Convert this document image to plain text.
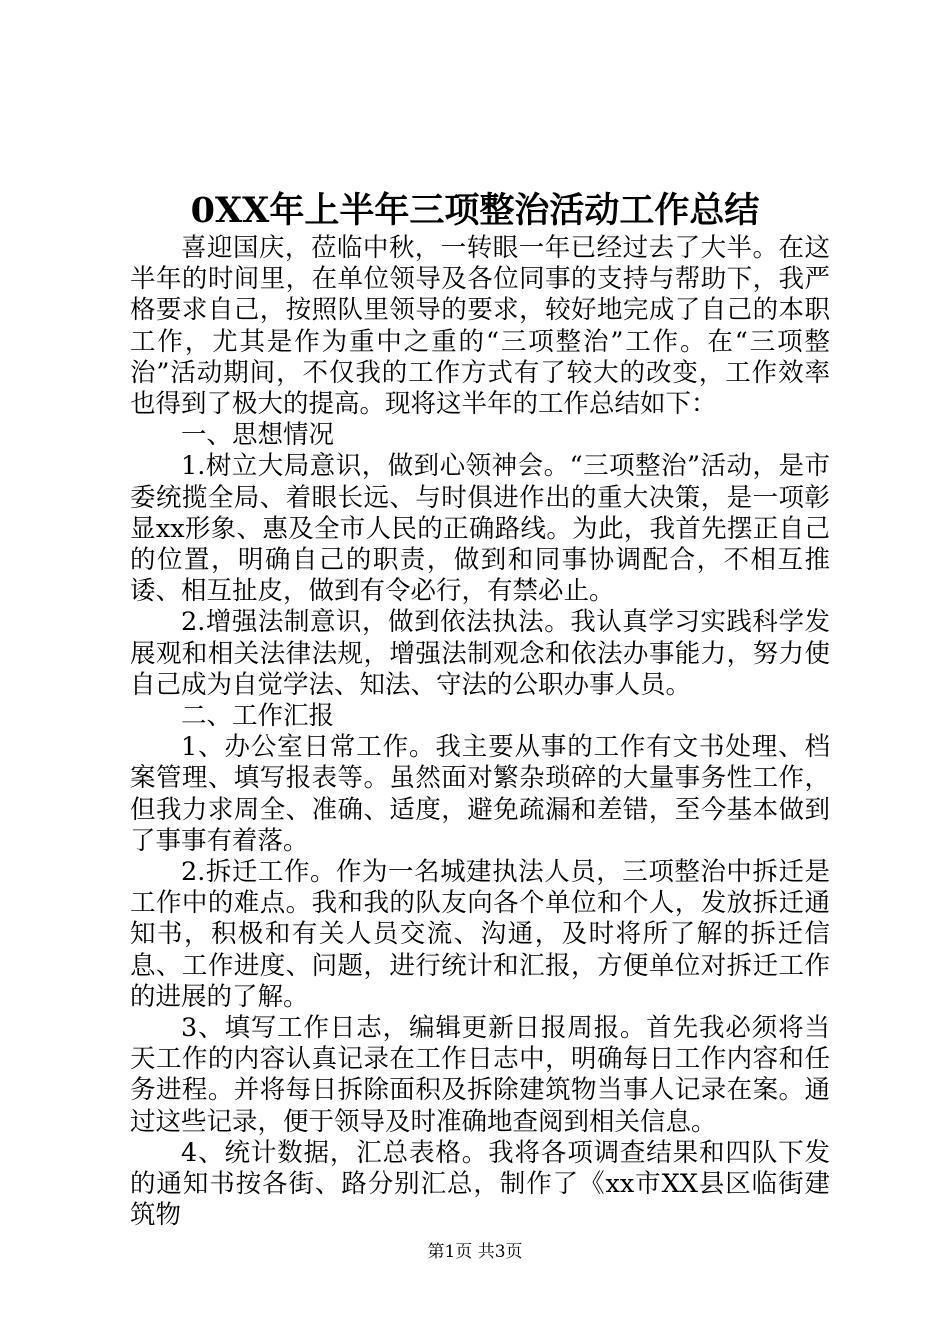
0XX年上半年三项整治活动工作总结

喜迎国庆，莅临中秋，一转眼一年已经过去了大半。在这半年的时间里，在单位领导及各位同事的支持与帮助下，我严格要求自己，按照队里领导的要求，较好地完成了自己的本职工作，尤其是作为重中之重的“三项整治”工作。在“三项整治”活动期间，不仅我的工作方式有了较大的改变，工作效率也得到了极大的提高。现将这半年的工作总结如下：

一、思想情况

1.树立大局意识，做到心领神会。“三项整治”活动，是市委统揽全局、着眼长远、与时俱进作出的重大决策，是一项彰显xx形象、惠及全市人民的正确路线。为此，我首先摆正自己的位置，明确自己的职责，做到和同事协调配合，不相互推诿、相互扯皮，做到有令必行，有禁必止。

2.增强法制意识，做到依法执法。我认真学习实践科学发展观和相关法律法规，增强法制观念和依法办事能力，努力使自己成为自觉学法、知法、守法的公职办事人员。

二、工作汇报

1、办公室日常工作。我主要从事的工作有文书处理、档案管理、填写报表等。虽然面对繁杂琐碎的大量事务性工作，但我力求周全、准确、适度，避免疏漏和差错，至今基本做到了事事有着落。

2.拆迁工作。作为一名城建执法人员，三项整治中拆迁是工作中的难点。我和我的队友向各个单位和个人，发放拆迁通知书，积极和有关人员交流、沟通，及时将所了解的拆迁信息、工作进度、问题，进行统计和汇报，方便单位对拆迁工作的进展的了解。

3、填写工作日志，编辑更新日报周报。首先我必须将当天工作的内容认真记录在工作日志中，明确每日工作内容和任务进程。并将每日拆除面积及拆除建筑物当事人记录在案。通过这些记录，便于领导及时准确地查阅到相关信息。

4、统计数据，汇总表格。我将各项调查结果和四队下发的通知书按各街、路分别汇总，制作了《xx市XX县区临街建筑物

第1页 共3页
